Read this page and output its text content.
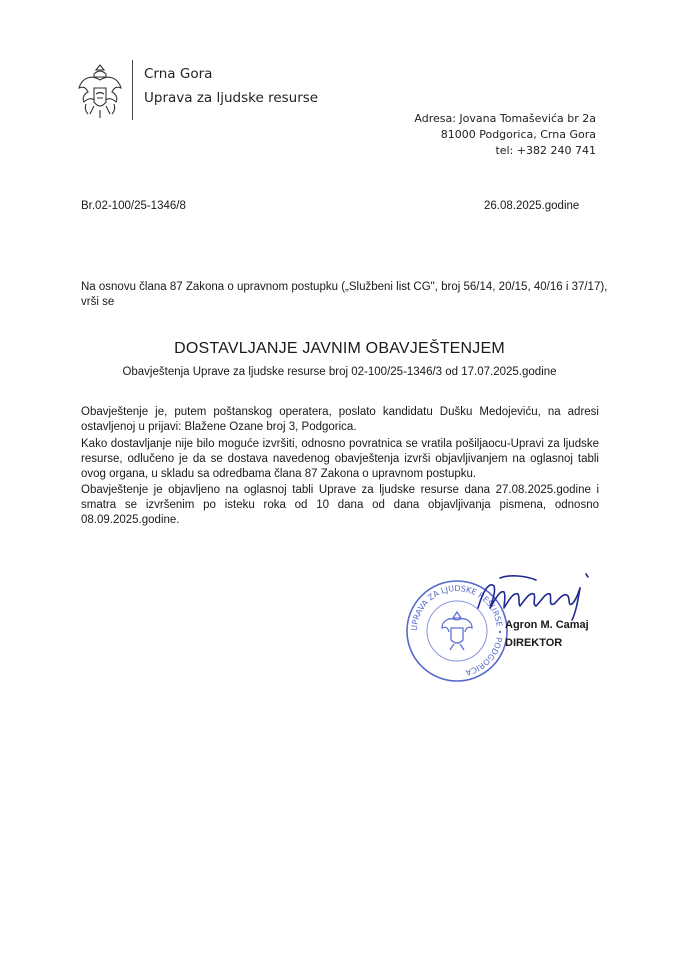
Crna Gora
Uprava za ljudske resurse
Adresa: Jovana Tomaševića br 2a
81000 Podgorica, Crna Gora
tel: +382 240 741
Br.02-100/25-1346/8	26.08.2025.godine
Na osnovu člana 87 Zakona o upravnom postupku („Službeni list CG", broj 56/14, 20/15, 40/16 i 37/17),
vrši se
DOSTAVLJANJE JAVNIM OBAVJEŠTENJEM
Obavještenja Uprave za ljudske resurse broj 02-100/25-1346/3 od 17.07.2025.godine
Obavještenje je, putem poštanskog operatera, poslato kandidatu Dušku Medojeviću, na adresi ostavljenoj u prijavi: Blažene Ozane broj 3, Podgorica.
Kako dostavljanje nije bilo moguće izvršiti, odnosno povratnica se vratila pošiljaocu-Upravi za ljudske resurse, odlučeno je da se dostava navedenog obavještenja izvrši objavljivanjem na oglasnoj tabli ovog organa, u skladu sa odredbama člana 87 Zakona o upravnom postupku.
Obavještenje je objavljeno na oglasnoj tabli Uprave za ljudske resurse dana 27.08.2025.godine i smatra se izvršenim po isteku roka od 10 dana od dana objavljivanja pismena, odnosno 08.09.2025.godine.
UPRAVA ZA LJUDSKE RESURSE • PODGORICA
Agron M. Camaj
DIREKTOR
